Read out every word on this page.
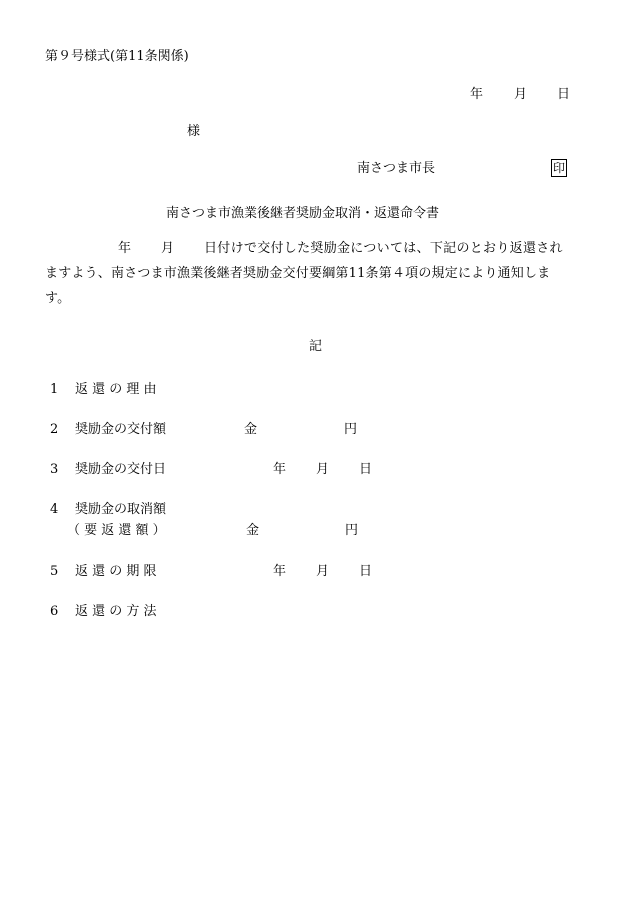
第９号様式(第11条関係)
年 月 日
様
南さつま市長	印
南さつま市漁業後継者奨励金取消・返還命令書
年 月 日付けで交付した奨励金については、下記のとおり返還され
ますよう、南さつま市漁業後継者奨励金交付要綱第11条第４項の規定により通知しま
す。
記
1 返 還 の 理 由
2 奨励金の交付額	金	円
3 奨励金の交付日	年 月 日
4 奨励金の取消額
（ 要 返 還 額 ）	金	円
5 返 還 の 期 限	年 月 日
6 返 還 の 方 法
